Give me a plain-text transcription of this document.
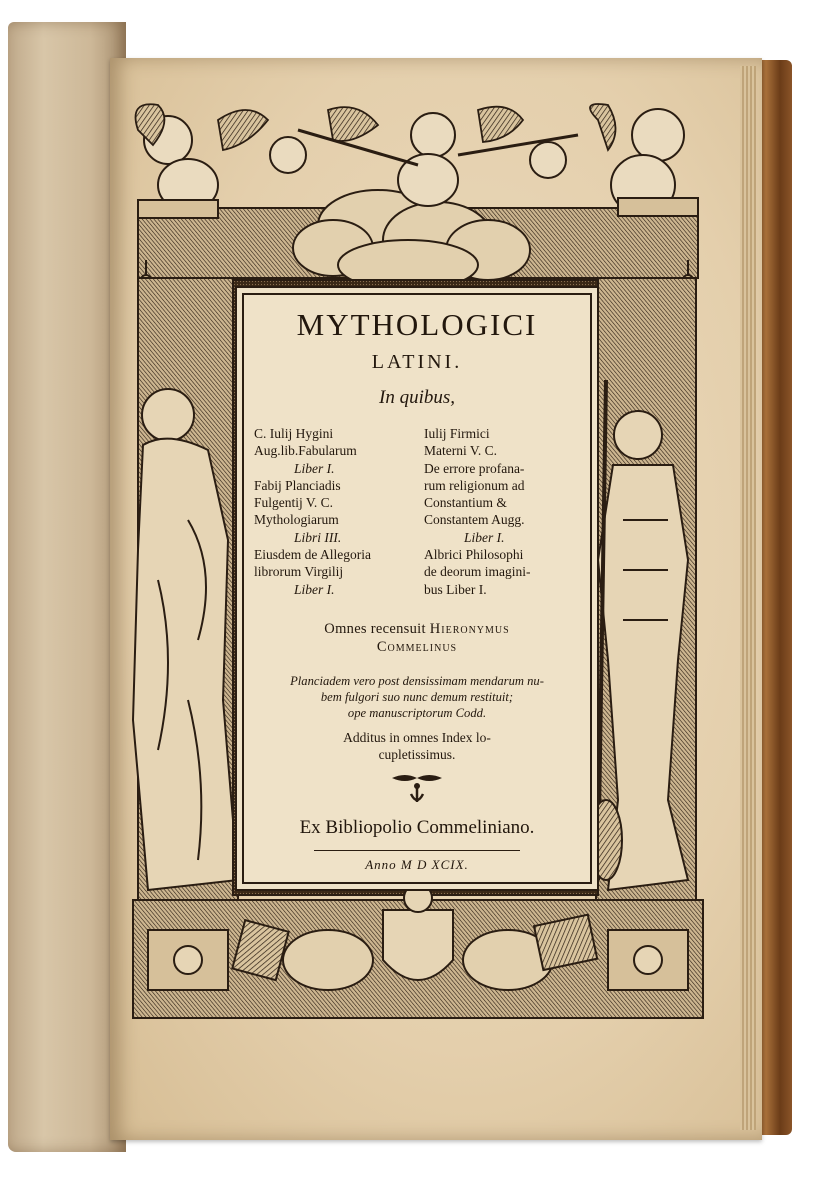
MYTHOLOGICI
LATINI.
In quibus,
C. Iulij Hygini
Aug.lib.Fabularum
Liber I.
Fabij Planciadis
Fulgentij V. C.
Mythologiarum
Libri III.
Eiusdem de Allegoria
librorum Virgilij
Liber I.
Iulij Firmici
Materni V. C.
De errore profana-
rum religionum ad
Constantium &
Constantem Augg.
Liber I.
Albrici Philosophi
de deorum imagini-
bus Liber I.
Omnes recensuit Hieronymus
Commelinus
Planciadem vero post densissimam mendarum nu-
bem fulgori suo nunc demum restituit;
ope manuscriptorum Codd.
Additus in omnes Index lo-
cupletissimus.
Ex Bibliopolio Commeliniano.
Anno M D XCIX.
